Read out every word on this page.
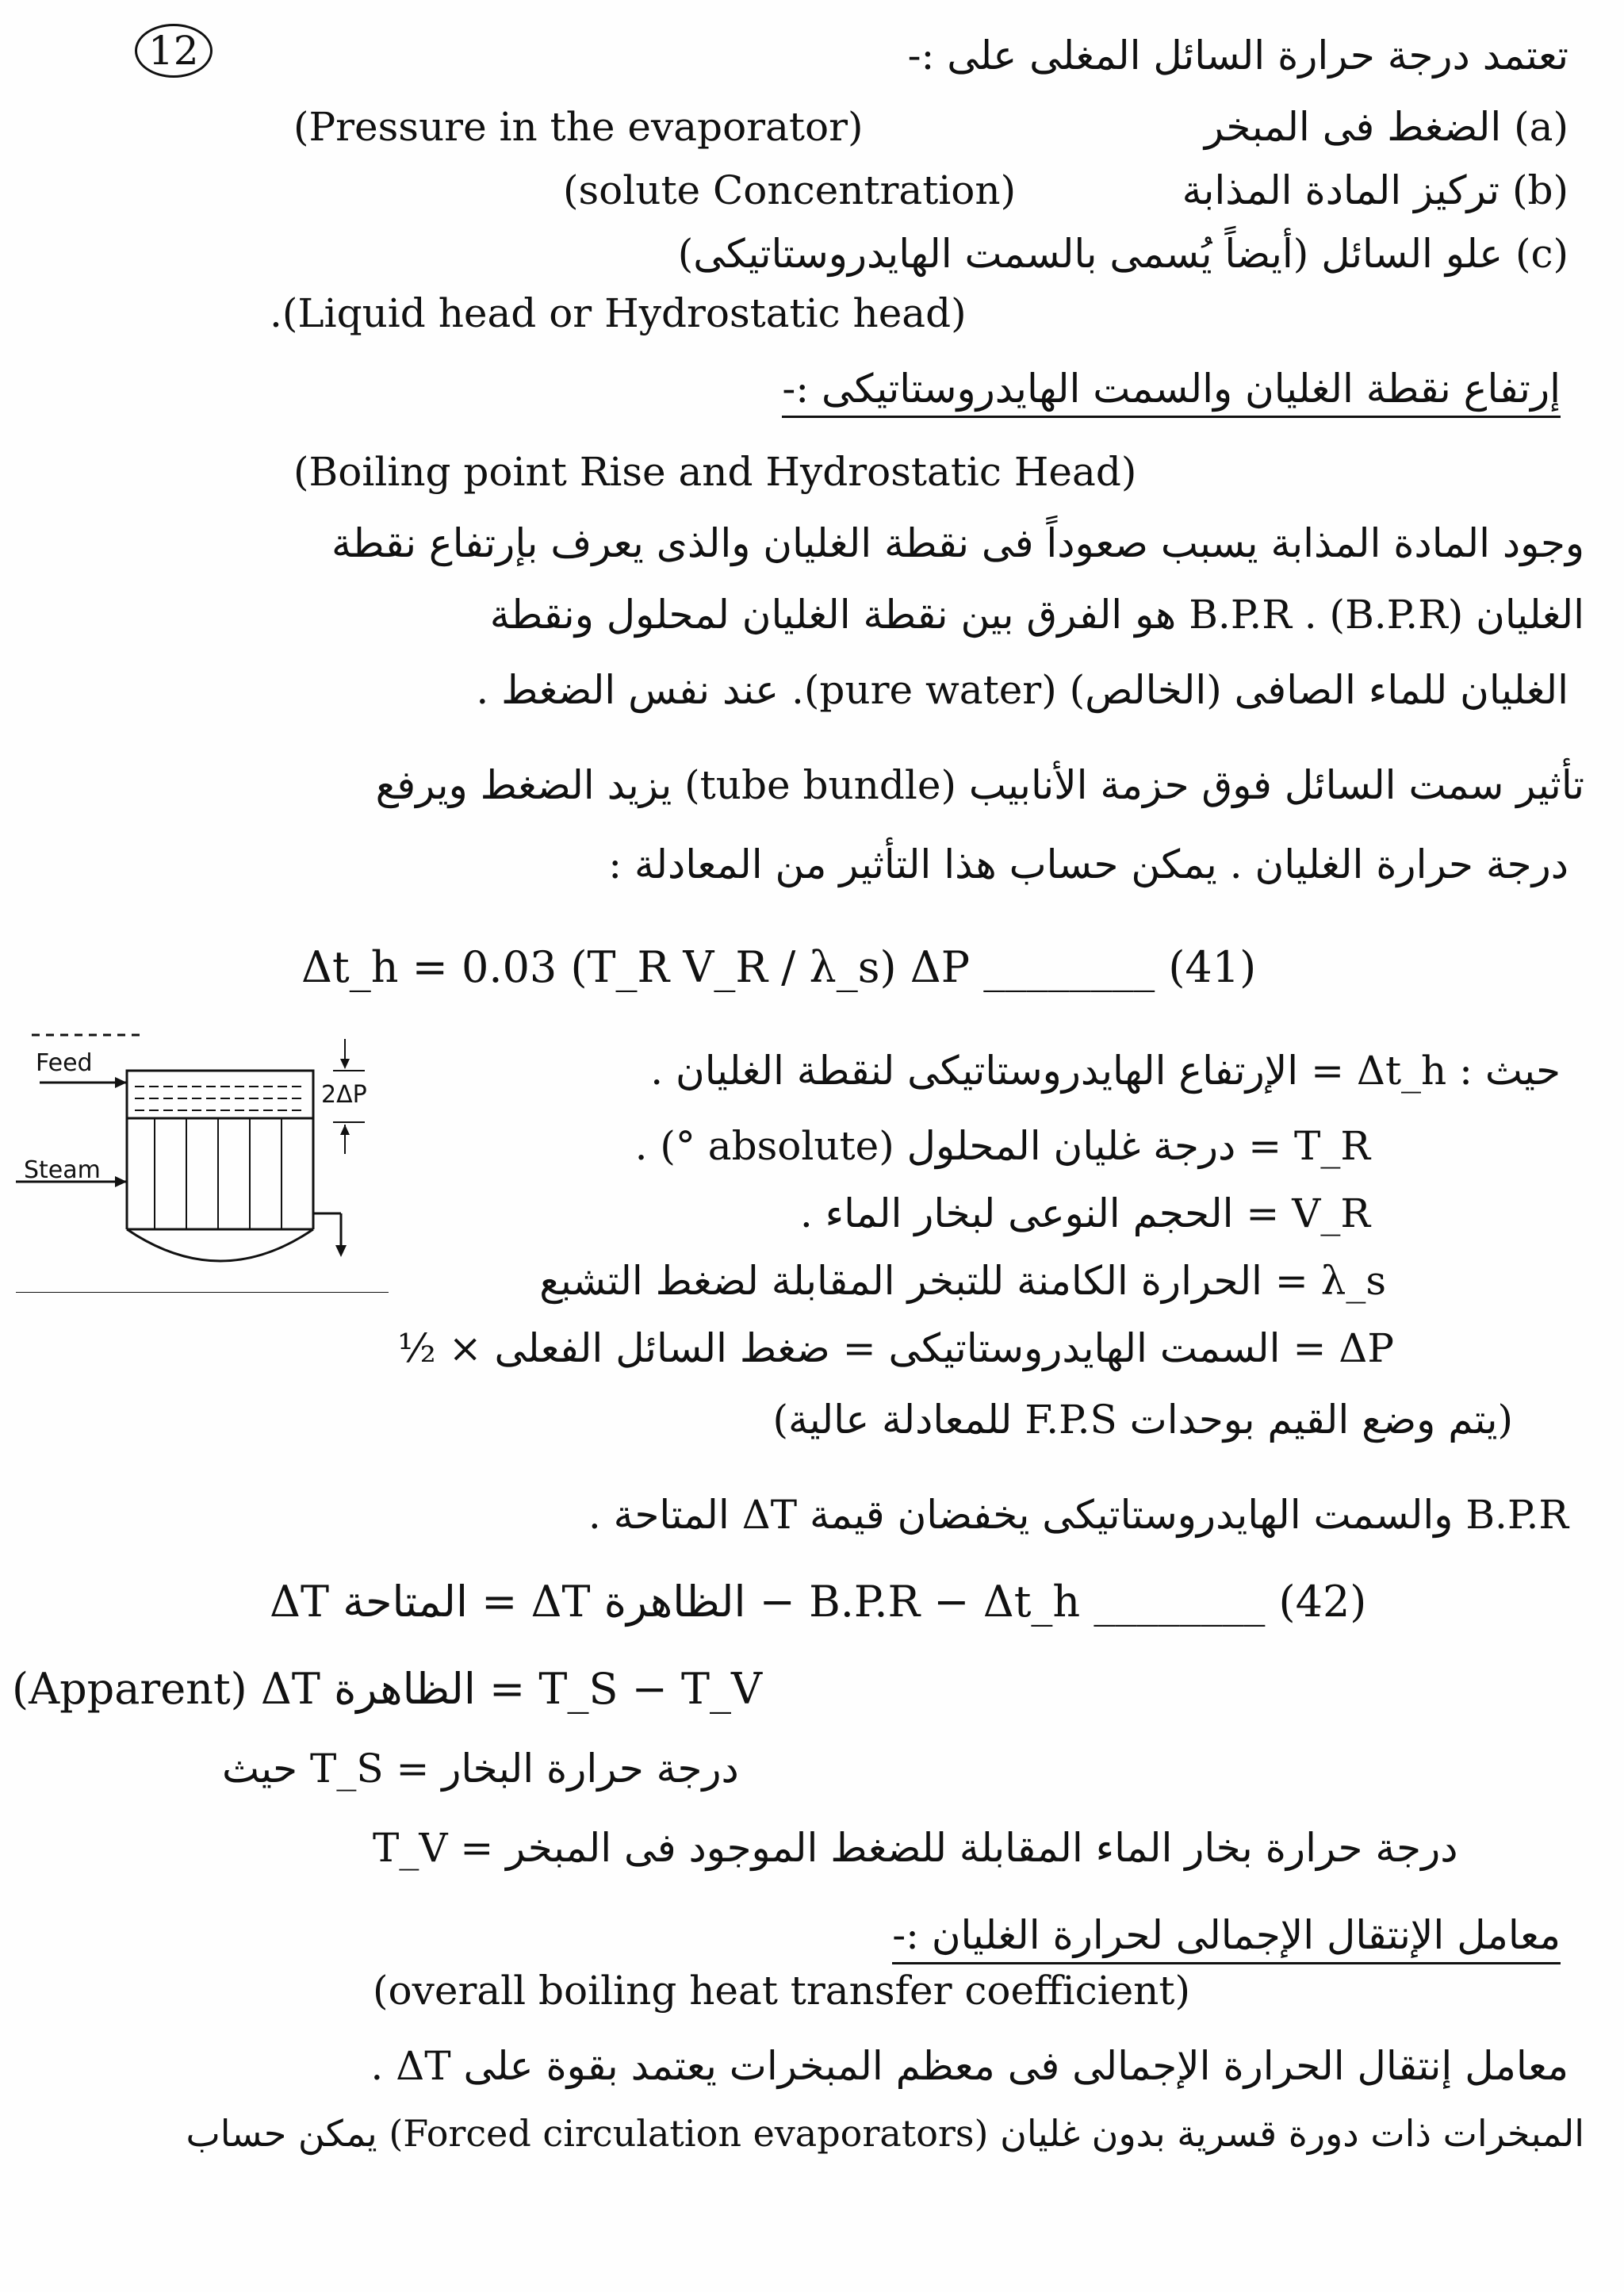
12	تعتمد درجة حرارة السائل المغلى على :-
(Pressure in the evaporator)	(a) الضغط فى المبخر
(solute Concentration)	(b) تركيز المادة المذابة
(c) علو السائل (أيضاً يُسمى بالسمت الهايدروستاتيكى)
.(Liquid head or Hydrostatic head)
إرتفاع نقطة الغليان والسمت الهايدروستاتيكى :-
(Boiling point Rise and Hydrostatic Head)
وجود المادة المذابة يسبب صعوداً فى نقطة الغليان والذى يعرف بإرتفاع نقطة
الغليان (B.P.R) . B.P.R هو الفرق بين نقطة الغليان لمحلول ونقطة
الغليان للماء الصافى (الخالص) (pure water). عند نفس الضغط .
تأثير سمت السائل فوق حزمة الأنابيب (tube bundle) يزيد الضغط ويرفع
درجة حرارة الغليان . يمكن حساب هذا التأثير من المعادلة :
Δt_h = 0.03 (T_R V_R / λ_s) ΔP ________ (41)
Feed
Steam
2ΔP
حيث : Δt_h = الإرتفاع الهايدروستاتيكى لنقطة الغليان .
T_R = درجة غليان المحلول (absolute °) .
V_R = الحجم النوعى لبخار الماء .
λ_s = الحرارة الكامنة للتبخر المقابلة لضغط التشبع
ΔP = السمت الهايدروستاتيكى = ضغط السائل الفعلى × ½
(يتم وضع القيم بوحدات F.P.S للمعادلة عالية)
B.P.R والسمت الهايدروستاتيكى يخفضان قيمة ΔT المتاحة .
ΔT المتاحة = ΔT الظاهرة − B.P.R − Δt_h ________ (42)
(Apparent) ΔT الظاهرة = T_S − T_V
حيث T_S = درجة حرارة البخار
T_V = درجة حرارة بخار الماء المقابلة للضغط الموجود فى المبخر
معامل الإنتقال الإجمالى لحرارة الغليان :-
(overall boiling heat transfer coefficient)
معامل إنتقال الحرارة الإجمالى فى معظم المبخرات يعتمد بقوة على ΔT .
المبخرات ذات دورة قسرية بدون غليان (Forced circulation evaporators) يمكن حساب
